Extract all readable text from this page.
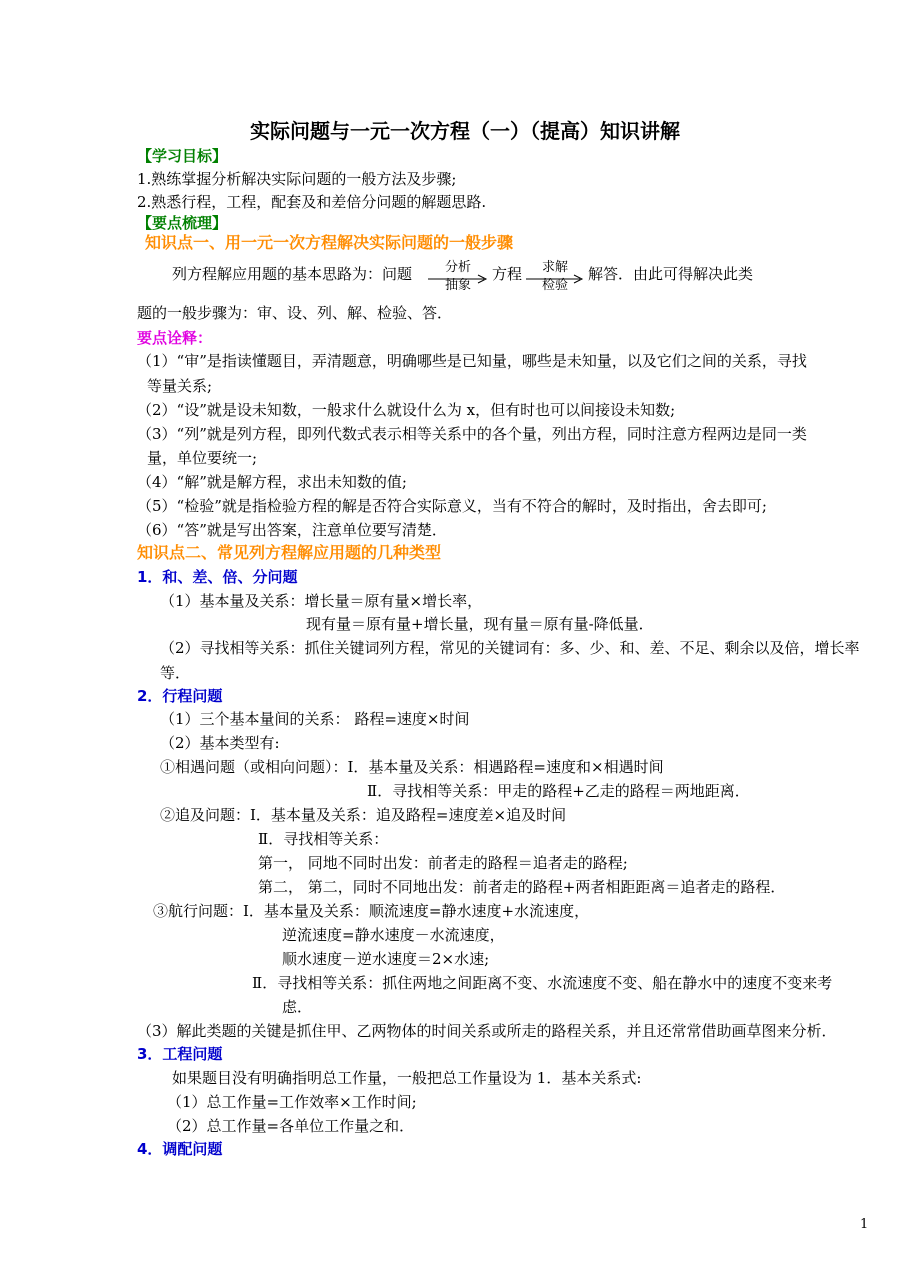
实际问题与一元一次方程（一）（提高）知识讲解
【学习目标】
1.熟练掌握分析解决实际问题的一般方法及步骤;
2.熟悉行程，工程，配套及和差倍分问题的解题思路.
【要点梳理】
知识点一、用一元一次方程解决实际问题的一般步骤
列方程解应用题的基本思路为：问题	分析
抽象
方程	求解
检验
解答．由此可得解决此类
题的一般步骤为：审、设、列、解、检验、答．
要点诠释：
（1）“审”是指读懂题目，弄清题意，明确哪些是已知量，哪些是未知量，以及它们之间的关系，寻找
等量关系;
（2）“设”就是设未知数，一般求什么就设什么为 x，但有时也可以间接设未知数;
（3）“列”就是列方程，即列代数式表示相等关系中的各个量，列出方程，同时注意方程两边是同一类
量，单位要统一;
（4）“解”就是解方程，求出未知数的值;
（5）“检验”就是指检验方程的解是否符合实际意义，当有不符合的解时，及时指出，舍去即可;
（6）“答”就是写出答案，注意单位要写清楚．
知识点二、常见列方程解应用题的几种类型
1．和、差、倍、分问题
（1）基本量及关系：增长量＝原有量×增长率，
现有量＝原有量+增长量，现有量＝原有量-降低量．
（2）寻找相等关系：抓住关键词列方程，常见的关键词有：多、少、和、差、不足、剩余以及倍，增长率
等．
2．行程问题
（1）三个基本量间的关系： 路程=速度×时间
（2）基本类型有:
①相遇问题（或相向问题）：Ⅰ．基本量及关系：相遇路程=速度和×相遇时间
Ⅱ．寻找相等关系：甲走的路程+乙走的路程＝两地距离．
②追及问题：Ⅰ．基本量及关系：追及路程=速度差×追及时间
Ⅱ．寻找相等关系：
第一， 同地不同时出发：前者走的路程＝追者走的路程;
第二， 第二，同时不同地出发：前者走的路程+两者相距距离＝追者走的路程．
③航行问题：Ⅰ．基本量及关系：顺流速度=静水速度+水流速度，
逆流速度=静水速度－水流速度，
顺水速度－逆水速度＝2×水速;
Ⅱ．寻找相等关系：抓住两地之间距离不变、水流速度不变、船在静水中的速度不变来考
虑．
（3）解此类题的关键是抓住甲、乙两物体的时间关系或所走的路程关系，并且还常常借助画草图来分析．
3．工程问题
如果题目没有明确指明总工作量，一般把总工作量设为 1．基本关系式:
（1）总工作量=工作效率×工作时间;
（2）总工作量=各单位工作量之和．
4．调配问题
1
